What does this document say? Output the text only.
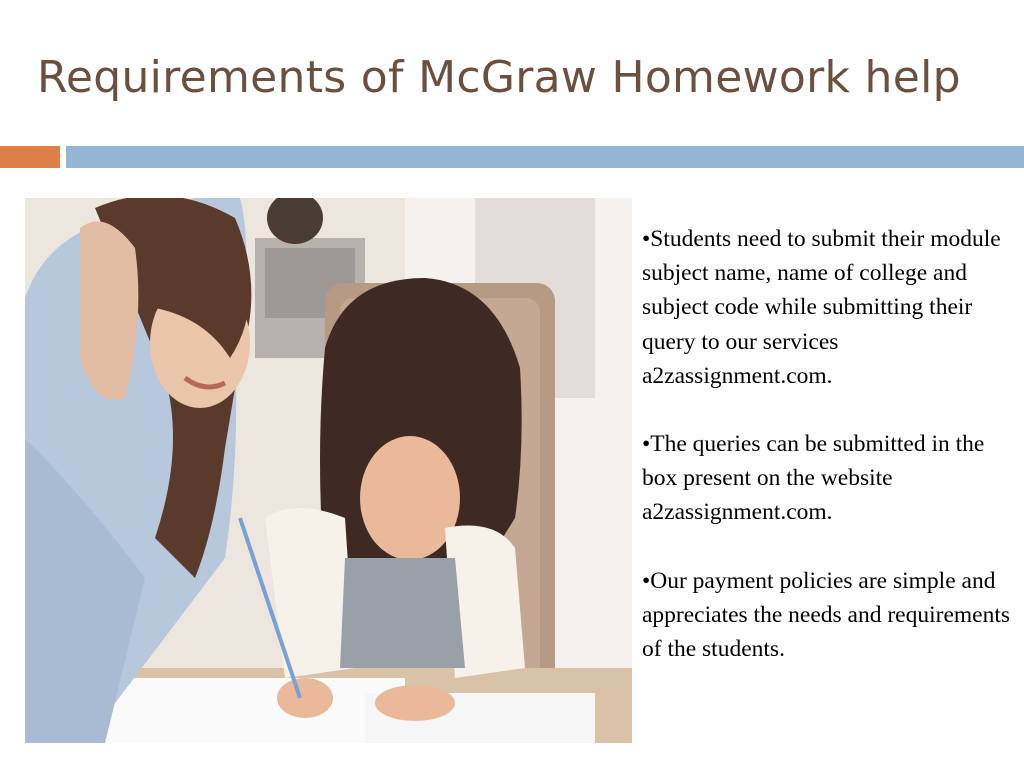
Requirements of McGraw Homework help

•Students need to submit their module subject name, name of college and subject code while submitting their query to our services a2zassignment.com.

•The queries can be submitted in the box present on the website a2zassignment.com.

•Our payment policies are simple and appreciates the needs and requirements of the students.
